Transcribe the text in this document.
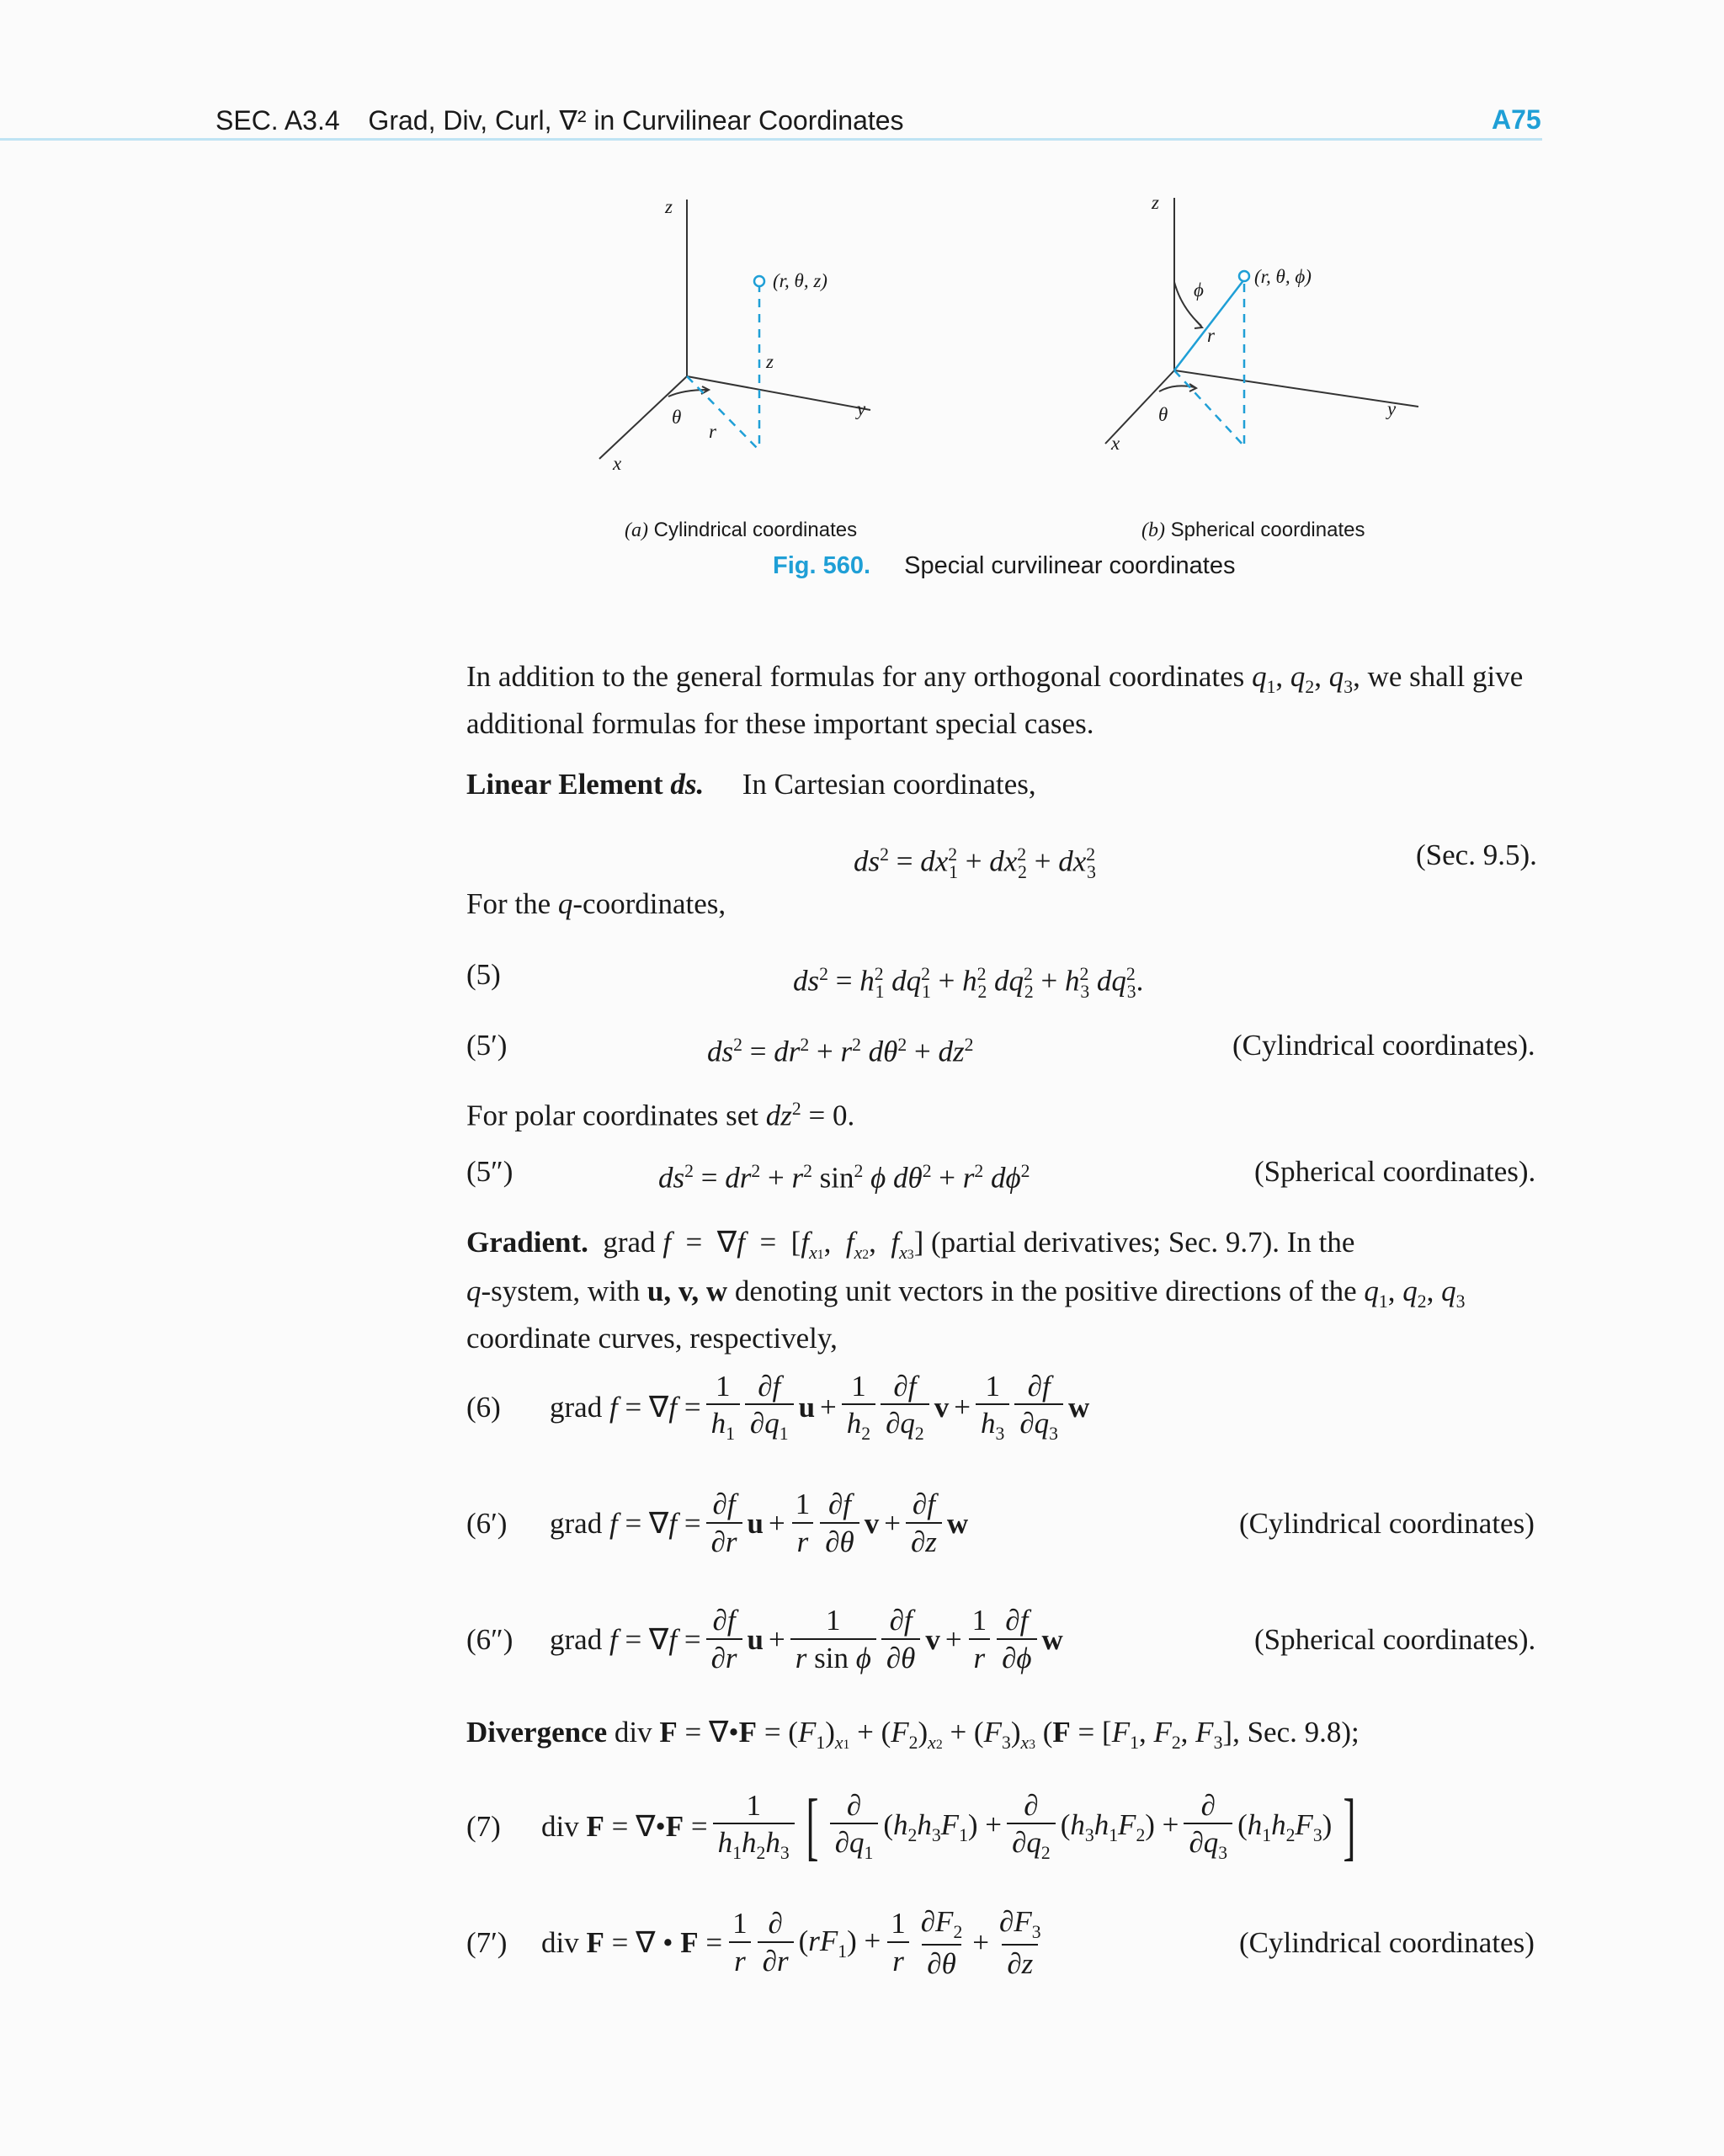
SEC. A3.4 Grad, Div, Curl, ∇² in Curvilinear Coordinates	A75
z
(r, θ, z)
z
y
θ
r
x
z
(r, θ, ϕ)
ϕ
r
y
θ
x
(a) Cylindrical coordinates	(b) Spherical coordinates
Fig. 560. Special curvilinear coordinates
In addition to the general formulas for any orthogonal coordinates $q_1$, $q_2$, $q_3$, we shall give
additional formulas for these important special cases.
Linear Element ds. In Cartesian coordinates,
$ds^2 = dx^2_1 + dx^2_2 + dx^2_3$
(Sec. 9.5).
For the q-coordinates,
(5)	$ds^2 = h^2_1$ $dq^2_1 + h^2_2$ $dq^2_2 + h^2_3$ $dq^2_3$.
(5′)	$ds^2 = dr^2 + r^2$ $d\theta^2 + dz^2$	(Cylindrical coordinates).
For polar coordinates set $dz^2 = 0$.
(5″)	$ds^2 = dr^2 + r^2$ $\sin^2 \phi$ $d\theta^2 + r^2$ $d\phi^2$	(Spherical coordinates).
Gradient.  grad $f = \nabla f = [f_{x1}$,  $f_{x2}$,  $f_{x3}$] (partial derivatives; Sec. 9.7). In the
q-system, with u, v, w denoting unit vectors in the positive directions of the $q_1$, $q_2$, $q_3$
coordinate curves, respectively,
(6) grad $f = \nabla f = \frac{1}{h_1} \frac{\partial f}{\partial q_1}$ $u + \frac{1}{h_2} \frac{\partial f}{\partial q_2}$ $v + \frac{1}{h_3} \frac{\partial f}{\partial q_3}$ w
(6′) grad $f = \nabla f = \frac{\partial f}{\partial r}$ $u + \frac{1}{r} \frac{\partial f}{\partial\theta}$ $v + \frac{\partial f}{\partial z}$ w	(Cylindrical coordinates)
(6″) grad $f = \nabla f = \frac{\partial f}{\partial r}$ $u + \frac{1}{\text{r sin ϕ}} \frac{\partial f}{\partial\theta}$ $v + \frac{1}{r} \frac{\partial f}{\partial\phi}$ w	(Spherical coordinates).
Divergence div F = ∇•F = $(F_1)_{x1} + (F_2)_{x2} + (F_3)_{x3}$ ($F = [F_1$, $F_2$, $F_3$], Sec. 9.8);
(7) div F = ∇•F = $\frac{1}{h_1h_2h_3}$ [ $\frac{\partial}{\partial q_1} (h_2h_3F_1) + \frac{\partial}{\partial q_2} (h_3h_1F_2) + \frac{\partial}{\partial q_3} (h_1h_2F_3)$ ]
(7′) div F = ∇ • $F = \frac{1}{r} \frac{\partial}{\partial r} (rF_1) + \frac{1}{r} \frac{\partial F_2}{\partial\theta} + \frac{\partial F_3}{\partial z}$	(Cylindrical coordinates)
